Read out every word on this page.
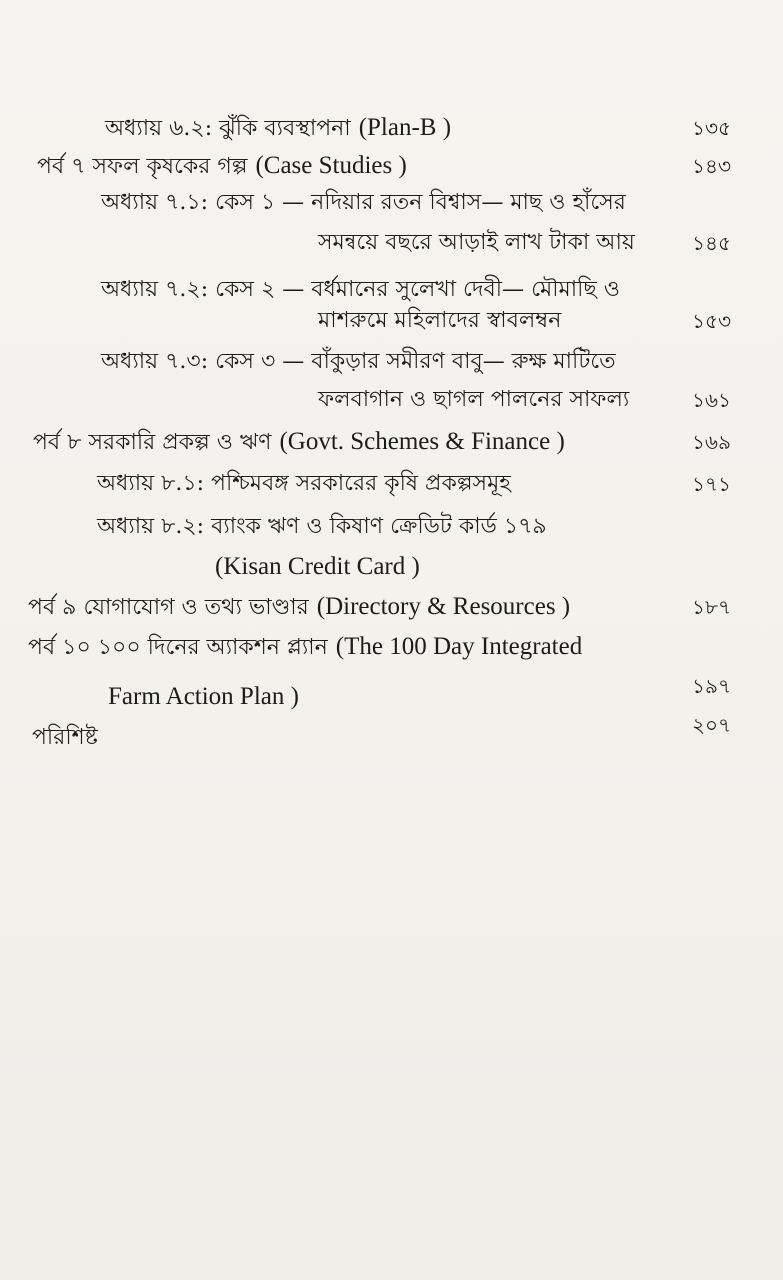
অধ্যায় ৬.২: ঝুঁকি ব্যবস্থাপনা (Plan-B )	১৩৫
পর্ব ৭ সফল কৃষকের গল্প (Case Studies )	১৪৩
অধ্যায় ৭.১: কেস ১ — নদিয়ার রতন বিশ্বাস— মাছ ও হাঁসের
সমন্বয়ে বছরে আড়াই লাখ টাকা আয়	১৪৫
অধ্যায় ৭.২: কেস ২ — বর্ধমানের সুলেখা দেবী— মৌমাছি ও
মাশরুমে মহিলাদের স্বাবলম্বন	১৫৩
অধ্যায় ৭.৩: কেস ৩ — বাঁকুড়ার সমীরণ বাবু— রুক্ষ মাটিতে
ফলবাগান ও ছাগল পালনের সাফল্য	১৬১
পর্ব ৮ সরকারি প্রকল্প ও ঋণ (Govt. Schemes & Finance )	১৬৯
অধ্যায় ৮.১: পশ্চিমবঙ্গ সরকারের কৃষি প্রকল্পসমূহ	১৭১
অধ্যায় ৮.২: ব্যাংক ঋণ ও কিষাণ ক্রেডিট কার্ড ১৭৯
(Kisan Credit Card )
পর্ব ৯ যোগাযোগ ও তথ্য ভাণ্ডার (Directory & Resources )	১৮৭
পর্ব ১০ ১০০ দিনের অ্যাকশন প্ল্যান (The 100 Day Integrated
Farm Action Plan )	১৯৭
পরিশিষ্ট	২০৭
